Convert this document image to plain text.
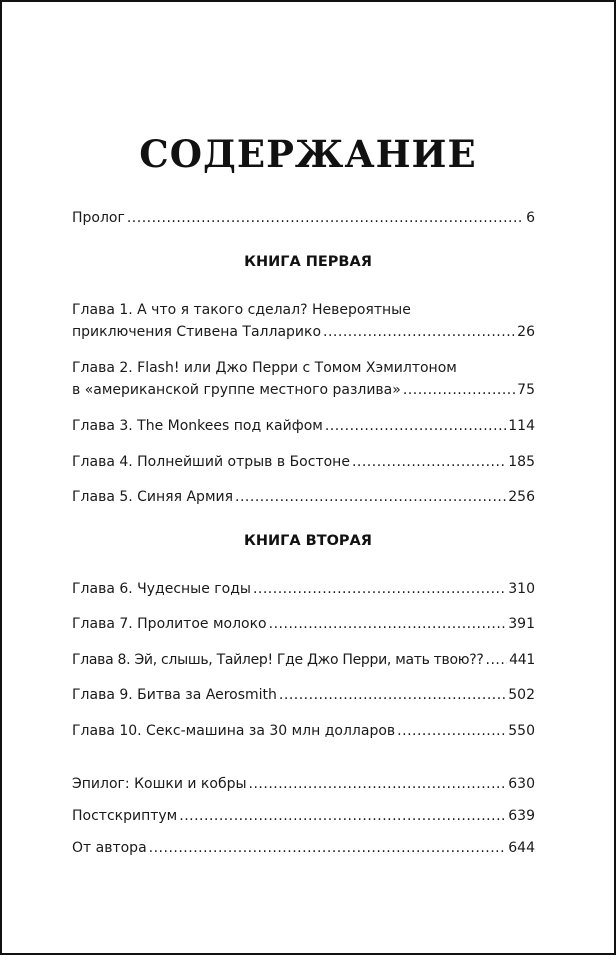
СОДЕРЖАНИЕ
Пролог .....	6
КНИГА ПЕРВАЯ
Глава 1. А что я такого сделал? Невероятные
приключения Стивена Талларико .....	26
Глава 2. Flash! или Джо Перри с Томом Хэмилтоном
в «американской группе местного разлива» .....	75
Глава 3. The Monkees под кайфом .....	114
Глава 4. Полнейший отрыв в Бостоне .....	185
Глава 5. Синяя Армия .....	256
КНИГА ВТОРАЯ
Глава 6. Чудесные годы .....	310
Глава 7. Пролитое молоко .....	391
Глава 8. Эй, слышь, Тайлер! Где Джо Перри, мать твою?? ..... 441
Глава 9. Битва за Aerosmith .....	502
Глава 10. Секс-машина за 30 млн долларов .....	550
Эпилог: Кошки и кобры .....	630
Постскриптум .....	639
От автора .....	644
